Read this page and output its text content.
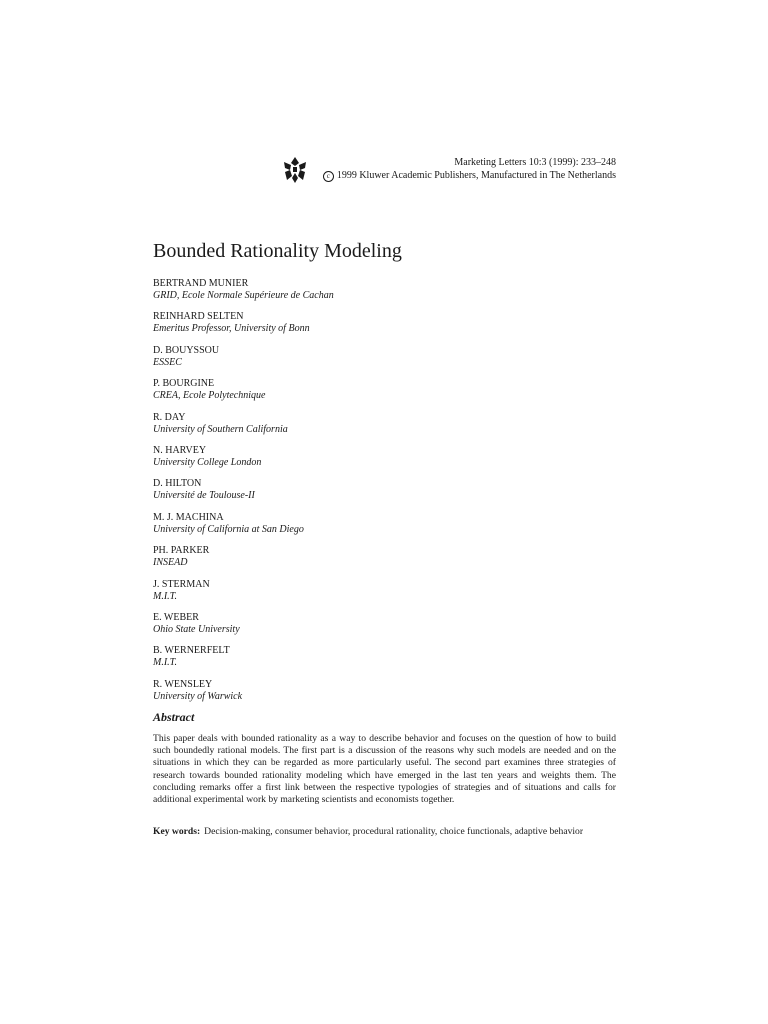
Marketing Letters 10:3 (1999): 233–248
c 1999 Kluwer Academic Publishers, Manufactured in The Netherlands
Bounded Rationality Modeling
BERTRAND MUNIER
GRID, Ecole Normale Supérieure de Cachan
REINHARD SELTEN
Emeritus Professor, University of Bonn
D. BOUYSSOU
ESSEC
P. BOURGINE
CREA, Ecole Polytechnique
R. DAY
University of Southern California
N. HARVEY
University College London
D. HILTON
Université de Toulouse-II
M. J. MACHINA
University of California at San Diego
PH. PARKER
INSEAD
J. STERMAN
M.I.T.
E. WEBER
Ohio State University
B. WERNERFELT
M.I.T.
R. WENSLEY
University of Warwick
Abstract

This paper deals with bounded rationality as a way to describe behavior and focuses on the question of how to build such boundedly rational models. The first part is a discussion of the reasons why such models are needed and on the situations in which they can be regarded as more particularly useful. The second part examines three strategies of research towards bounded rationality modeling which have emerged in the last ten years and weights them. The concluding remarks offer a first link between the respective typologies of strategies and of situations and calls for additional experimental work by marketing scientists and economists together.

Key words: Decision-making, consumer behavior, procedural rationality, choice functionals, adaptive behavior
